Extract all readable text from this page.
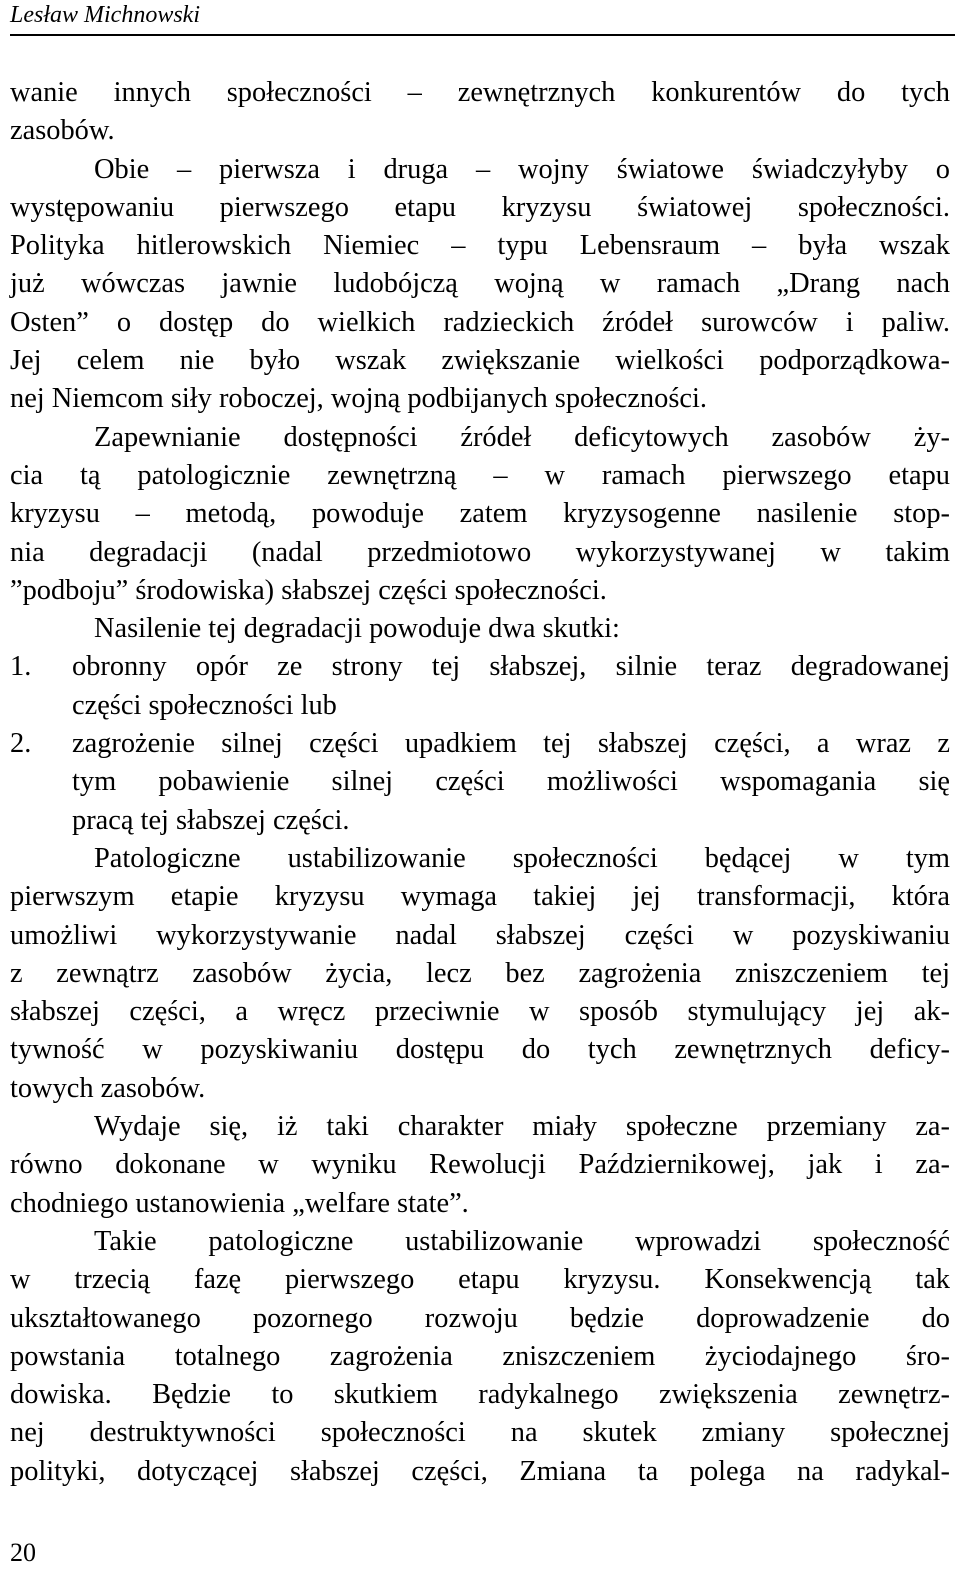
Lesław Michnowski
wanie innych społeczności – zewnętrznych konkurentów do tych
zasobów.
Obie – pierwsza i druga – wojny światowe świadczyłyby o
występowaniu pierwszego etapu kryzysu światowej społeczności.
Polityka hitlerowskich Niemiec – typu Lebensraum – była wszak
już wówczas jawnie ludobójczą wojną w ramach „Drang nach
Osten” o dostęp do wielkich radzieckich źródeł surowców i paliw.
Jej celem nie było wszak zwiększanie wielkości podporządkowa-
nej Niemcom siły roboczej, wojną podbijanych społeczności.
Zapewnianie dostępności źródeł deficytowych zasobów ży-
cia tą patologicznie zewnętrzną – w ramach pierwszego etapu
kryzysu – metodą, powoduje zatem kryzysogenne nasilenie stop-
nia degradacji (nadal przedmiotowo wykorzystywanej w takim
”podboju” środowiska) słabszej części społeczności.
Nasilenie tej degradacji powoduje dwa skutki:
1.	obronny opór ze strony tej słabszej, silnie teraz degradowanej
części społeczności lub
2.	zagrożenie silnej części upadkiem tej słabszej części, a wraz z
tym pobawienie silnej części możliwości wspomagania się
pracą tej słabszej części.
Patologiczne ustabilizowanie społeczności będącej w tym
pierwszym etapie kryzysu wymaga takiej jej transformacji, która
umożliwi wykorzystywanie nadal słabszej części w pozyskiwaniu
z zewnątrz zasobów życia, lecz bez zagrożenia zniszczeniem tej
słabszej części, a wręcz przeciwnie w sposób stymulujący jej ak-
tywność w pozyskiwaniu dostępu do tych zewnętrznych deficy-
towych zasobów.
Wydaje się, iż taki charakter miały społeczne przemiany za-
równo dokonane w wyniku Rewolucji Październikowej, jak i za-
chodniego ustanowienia „welfare state”.
Takie patologiczne ustabilizowanie wprowadzi społeczność
w trzecią fazę pierwszego etapu kryzysu. Konsekwencją tak
ukształtowanego pozornego rozwoju będzie doprowadzenie do
powstania totalnego zagrożenia zniszczeniem życiodajnego śro-
dowiska. Będzie to skutkiem radykalnego zwiększenia zewnętrz-
nej destruktywności społeczności na skutek zmiany społecznej
polityki, dotyczącej słabszej części, Zmiana ta polega na radykal-
20
